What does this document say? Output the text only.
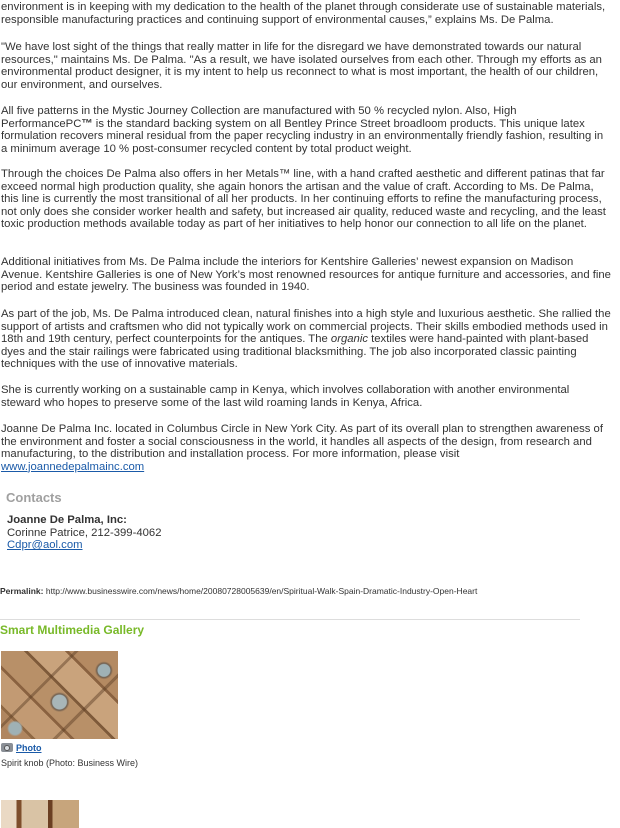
environment is in keeping with my dedication to the health of the planet through considerate use of sustainable materials, responsible manufacturing practices and continuing support of environmental causes,” explains Ms. De Palma.

"We have lost sight of the things that really matter in life for the disregard we have demonstrated towards our natural resources," maintains Ms. De Palma. "As a result, we have isolated ourselves from each other. Through my efforts as an environmental product designer, it is my intent to help us reconnect to what is most important, the health of our children, our environment, and ourselves.

All five patterns in the Mystic Journey Collection are manufactured with 50 % recycled nylon. Also, High PerformancePC™ is the standard backing system on all Bentley Prince Street broadloom products. This unique latex formulation recovers mineral residual from the paper recycling industry in an environmentally friendly fashion, resulting in a minimum average 10 % post-consumer recycled content by total product weight.

Through the choices De Palma also offers in her Metals™ line, with a hand crafted aesthetic and different patinas that far exceed normal high production quality, she again honors the artisan and the value of craft. According to Ms. De Palma, this line is currently the most transitional of all her products. In her continuing efforts to refine the manufacturing process, not only does she consider worker health and safety, but increased air quality, reduced waste and recycling, and the least toxic production methods available today as part of her initiatives to help honor our connection to all life on the planet.

Additional initiatives from Ms. De Palma include the interiors for Kentshire Galleries’ newest expansion on Madison Avenue. Kentshire Galleries is one of New York’s most renowned resources for antique furniture and accessories, and fine period and estate jewelry. The business was founded in 1940.

As part of the job, Ms. De Palma introduced clean, natural finishes into a high style and luxurious aesthetic. She rallied the support of artists and craftsmen who did not typically work on commercial projects. Their skills embodied methods used in 18th and 19th century, perfect counterpoints for the antiques. The organic textiles were hand-painted with plant-based dyes and the stair railings were fabricated using traditional blacksmithing. The job also incorporated classic painting techniques with the use of innovative materials.

She is currently working on a sustainable camp in Kenya, which involves collaboration with another environmental steward who hopes to preserve some of the last wild roaming lands in Kenya, Africa.

Joanne De Palma Inc. located in Columbus Circle in New York City. As part of its overall plan to strengthen awareness of the environment and foster a social consciousness in the world, it handles all aspects of the design, from research and manufacturing, to the distribution and installation process. For more information, please visit
www.joannedepalmainc.com

Contacts
Joanne De Palma, Inc:
Corinne Patrice, 212-399-4062
Cdpr@aol.com
Permalink: http://www.businesswire.com/news/home/20080728005639/en/Spiritual-Walk-Spain-Dramatic-Industry-Open-Heart
Smart Multimedia Gallery
Photo
Spirit knob (Photo: Business Wire)
